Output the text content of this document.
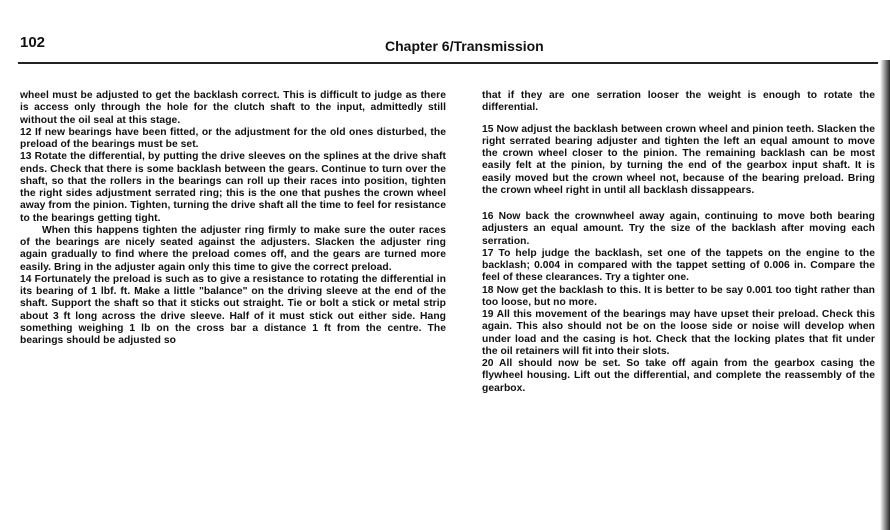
102	Chapter 6/Transmission

wheel must be adjusted to get the backlash correct. This is difficult to judge as there is access only through the hole for the clutch shaft to the input, admittedly still without the oil seal at this stage.

12 If new bearings have been fitted, or the adjustment for the old ones disturbed, the preload of the bearings must be set.

13 Rotate the differential, by putting the drive sleeves on the splines at the drive shaft ends. Check that there is some backlash between the gears. Continue to turn over the shaft, so that the rollers in the bearings can roll up their races into position, tighten the right sides adjustment serrated ring; this is the one that pushes the crown wheel away from the pinion. Tighten, turning the drive shaft all the time to feel for resistance to the bearings getting tight.

When this happens tighten the adjuster ring firmly to make sure the outer races of the bearings are nicely seated against the adjusters. Slacken the adjuster ring again gradually to find where the preload comes off, and the gears are turned more easily. Bring in the adjuster again only this time to give the correct preload.

14 Fortunately the preload is such as to give a resistance to rotating the differential in its bearing of 1 lbf. ft. Make a little "balance" on the driving sleeve at the end of the shaft. Support the shaft so that it sticks out straight. Tie or bolt a stick or metal strip about 3 ft long across the drive sleeve. Half of it must stick out either side. Hang something weighing 1 lb on the cross bar a distance 1 ft from the centre. The bearings should be adjusted so

that if they are one serration looser the weight is enough to rotate the differential.

15 Now adjust the backlash between crown wheel and pinion teeth. Slacken the right serrated bearing adjuster and tighten the left an equal amount to move the crown wheel closer to the pinion. The remaining backlash can be most easily felt at the pinion, by turning the end of the gearbox input shaft. It is easily moved but the crown wheel not, because of the bearing preload. Bring the crown wheel right in until all backlash dissappears.

16 Now back the crownwheel away again, continuing to move both bearing adjusters an equal amount. Try the size of the backlash after moving each serration.

17 To help judge the backlash, set one of the tappets on the engine to the backlash; 0.004 in compared with the tappet setting of 0.006 in. Compare the feel of these clearances. Try a tighter one.

18 Now get the backlash to this. It is better to be say 0.001 too tight rather than too loose, but no more.

19 All this movement of the bearings may have upset their preload. Check this again. This also should not be on the loose side or noise will develop when under load and the casing is hot. Check that the locking plates that fit under the oil retainers will fit into their slots.

20 All should now be set. So take off again from the gearbox casing the flywheel housing. Lift out the differential, and complete the reassembly of the gearbox.
